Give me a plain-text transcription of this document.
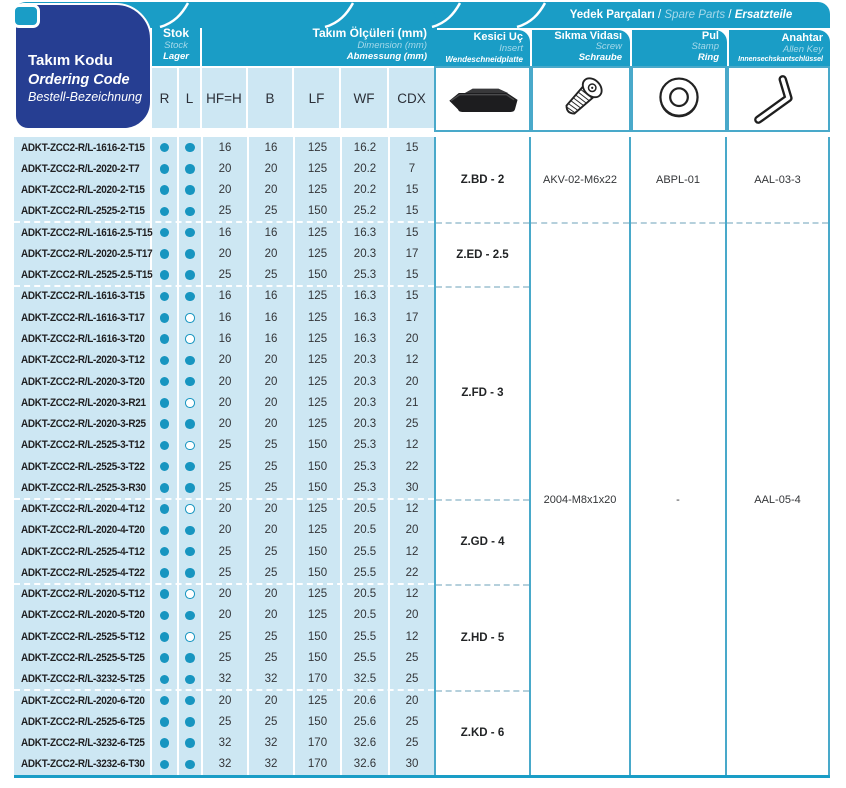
Yedek Parçaları / Spare Parts / Ersatzteile
Stok
Stock
Lager
Takım Ölçüleri (mm)
Dimension (mm)
Abmessung (mm)
Kesici Uç
Insert
Wendeschneidplatte
Sıkma Vidası
Screw
Schraube
Pul
Stamp
Ring
Anahtar
Allen Key
Innensechskantschlüssel
Takım Kodu
Ordering Code
Bestell-Bezeichnung	R	L HF=H	B	LF	WF	CDX
ADKT-ZCC2-R/L-1616-2-T15	16	16	125	16.2	15
ADKT-ZCC2-R/L-2020-2-T7	20	20	125	20.2	7
ADKT-ZCC2-R/L-2020-2-T15	20	20	125	20.2	15
ADKT-ZCC2-R/L-2525-2-T15	25	25	150	25.2	15
ADKT-ZCC2-R/L-1616-2.5-T15	16	16	125	16.3	15
ADKT-ZCC2-R/L-2020-2.5-T17	20	20	125	20.3	17
ADKT-ZCC2-R/L-2525-2.5-T15	25	25	150	25.3	15
ADKT-ZCC2-R/L-1616-3-T15	16	16	125	16.3	15
ADKT-ZCC2-R/L-1616-3-T17	16	16	125	16.3	17
ADKT-ZCC2-R/L-1616-3-T20	16	16	125	16.3	20
ADKT-ZCC2-R/L-2020-3-T12	20	20	125	20.3	12
ADKT-ZCC2-R/L-2020-3-T20	20	20	125	20.3	20
ADKT-ZCC2-R/L-2020-3-R21	20	20	125	20.3	21
ADKT-ZCC2-R/L-2020-3-R25	20	20	125	20.3	25
ADKT-ZCC2-R/L-2525-3-T12	25	25	150	25.3	12
ADKT-ZCC2-R/L-2525-3-T22	25	25	150	25.3	22
ADKT-ZCC2-R/L-2525-3-R30	25	25	150	25.3	30
ADKT-ZCC2-R/L-2020-4-T12	20	20	125	20.5	12
ADKT-ZCC2-R/L-2020-4-T20	20	20	125	20.5	20
ADKT-ZCC2-R/L-2525-4-T12	25	25	150	25.5	12
ADKT-ZCC2-R/L-2525-4-T22	25	25	150	25.5	22
ADKT-ZCC2-R/L-2020-5-T12	20	20	125	20.5	12
ADKT-ZCC2-R/L-2020-5-T20	20	20	125	20.5	20
ADKT-ZCC2-R/L-2525-5-T12	25	25	150	25.5	12
ADKT-ZCC2-R/L-2525-5-T25	25	25	150	25.5	25
ADKT-ZCC2-R/L-3232-5-T25	32	32	170	32.5	25
ADKT-ZCC2-R/L-2020-6-T20	20	20	125	20.6	20
ADKT-ZCC2-R/L-2525-6-T25	25	25	150	25.6	25
ADKT-ZCC2-R/L-3232-6-T25	32	32	170	32.6	25
ADKT-ZCC2-R/L-3232-6-T30	32	32	170	32.6	30
Z.BD - 2
Z.ED - 2.5
Z.FD - 3
Z.GD - 4
Z.HD - 5
Z.KD - 6
AKV-02-M6x22
2004-M8x1x20
ABPL-01
-
AAL-03-3
AAL-05-4
